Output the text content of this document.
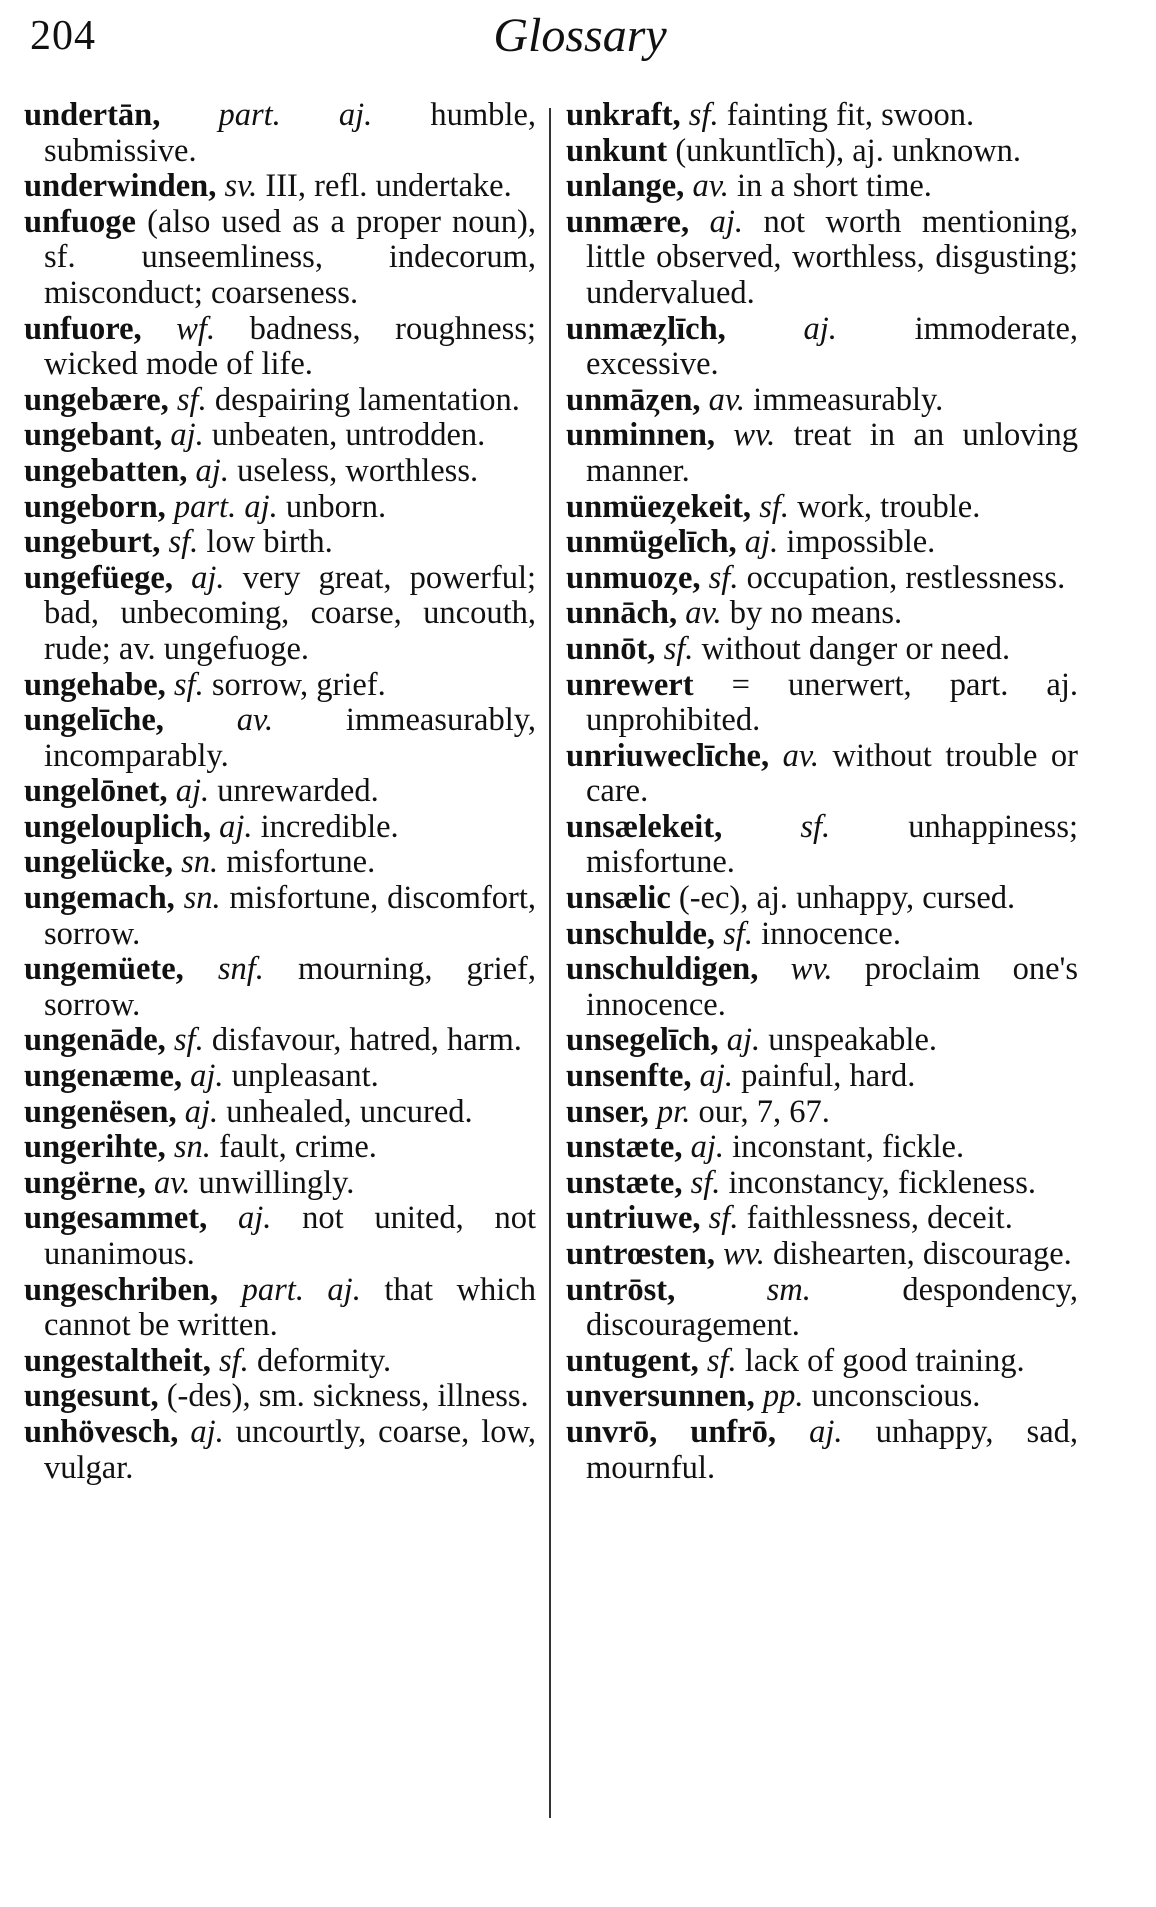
204	Glossary

undertān, part. aj. humble, submissive.

underwinden, sv. III, refl. undertake.

unfuoge (also used as a proper noun), sf. unseemliness, indecorum, misconduct; coarseness.

unfuore, wf. badness, roughness; wicked mode of life.

ungebære, sf. despairing lamentation.

ungebant, aj. unbeaten, untrodden.

ungebatten, aj. useless, worthless.

ungeborn, part. aj. unborn.

ungeburt, sf. low birth.

ungefüege, aj. very great, powerful; bad, unbecoming, coarse, uncouth, rude; av. ungefuoge.

ungehabe, sf. sorrow, grief.

ungelīche, av. immeasurably, incomparably.

ungelōnet, aj. unrewarded.

ungelouplich, aj. incredible.

ungelücke, sn. misfortune.

ungemach, sn. misfortune, discomfort, sorrow.

ungemüete, snf. mourning, grief, sorrow.

ungenāde, sf. disfavour, hatred, harm.

ungenæme, aj. unpleasant.

ungenësen, aj. unhealed, uncured.

ungerihte, sn. fault, crime.

ungërne, av. unwillingly.

ungesammet, aj. not united, not unanimous.

ungeschriben, part. aj. that which cannot be written.

ungestaltheit, sf. deformity.

ungesunt, (-des), sm. sickness, illness.

unhövesch, aj. uncourtly, coarse, low, vulgar.

unkraft, sf. fainting fit, swoon.

unkunt (unkuntlīch), aj. unknown.

unlange, av. in a short time.

unmære, aj. not worth mentioning, little observed, worthless, disgusting; undervalued.

unmæȥlīch, aj. immoderate, excessive.

unmāȥen, av. immeasurably.

unminnen, wv. treat in an unloving manner.

unmüeȥekeit, sf. work, trouble.

unmügelīch, aj. impossible.

unmuoȥe, sf. occupation, restlessness.

unnāch, av. by no means.

unnōt, sf. without danger or need.

unrewert = unerwert, part. aj. unprohibited.

unriuweclīche, av. without trouble or care.

unsælekeit, sf. unhappiness; misfortune.

unsælic (-ec), aj. unhappy, cursed.

unschulde, sf. innocence.

unschuldigen, wv. proclaim one's innocence.

unsegelīch, aj. unspeakable.

unsenfte, aj. painful, hard.

unser, pr. our, 7, 67.

unstæte, aj. inconstant, fickle.

unstæte, sf. inconstancy, fickleness.

untriuwe, sf. faithlessness, deceit.

untrœsten, wv. dishearten, discourage.

untrōst,	sm.	despondency, discouragement.

untugent, sf. lack of good training.

unversunnen, pp. unconscious.

unvrō, unfrō, aj. unhappy, sad, mournful.
